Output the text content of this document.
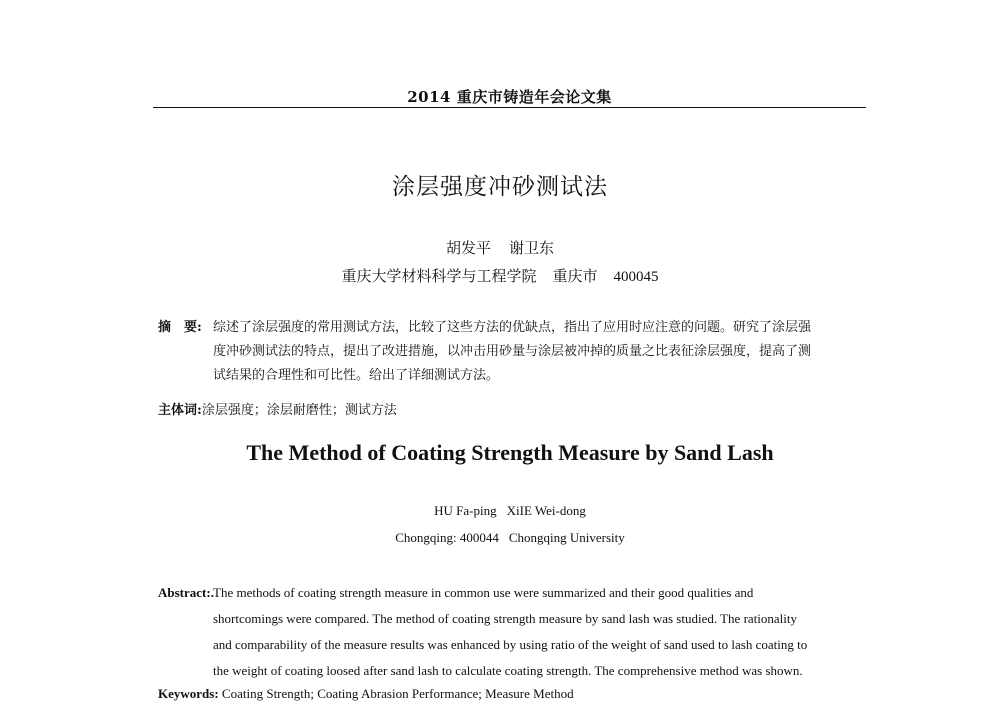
2014 重庆市铸造年会论文集
涂层强度冲砂测试法
胡发平 谢卫东
重庆大学材料科学与工程学院 重庆市 400045
摘　要: 综述了涂层强度的常用测试方法，比较了这些方法的优缺点，指出了应用时应注意的问题。研究了涂层强
度冲砂测试法的特点，提出了改进措施，以冲击用砂量与涂层被冲掉的质量之比表征涂层强度，提高了测
试结果的合理性和可比性。给出了详细测试方法。
主体词:涂层强度；涂层耐磨性；测试方法
The Method of Coating Strength Measure by Sand Lash
HU Fa-ping XiIE Wei-dong
Chongqing: 400044 Chongqing University
Abstract:. The methods of coating strength measure in common use were summarized and their good qualities and
shortcomings were compared. The method of coating strength measure by sand lash was studied. The rationality
and comparability of the measure results was enhanced by using ratio of the weight of sand used to lash coating to
the weight of coating loosed after sand lash to calculate coating strength. The comprehensive method was shown.
Keywords: Coating Strength; Coating Abrasion Performance; Measure Method
